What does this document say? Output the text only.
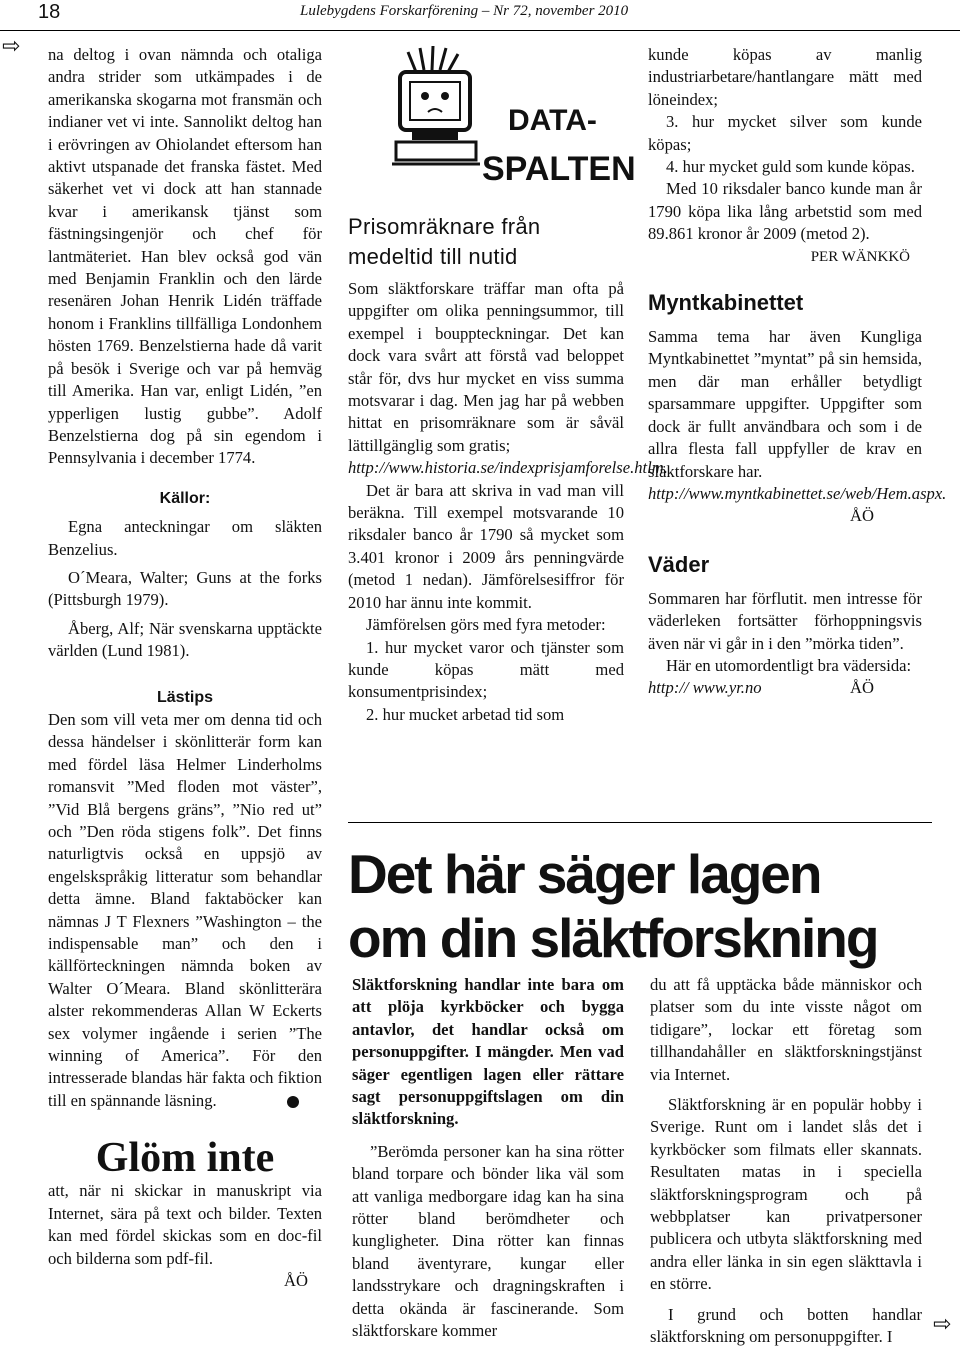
18	Lulebygdens Forskarförening – Nr 72, november 2010
⇨
⇨

na deltog i ovan nämnda och otaliga andra strider som utkämpades i de amerikanska skogarna mot fransmän och indianer vet vi inte. Sannolikt deltog han i erövringen av Ohiolandet eftersom han aktivt utspanade det franska fästet. Med säkerhet vet vi dock att han stannade kvar i amerikansk tjänst som fästningsingenjör och chef för lantmäteriet. Han blev också god vän med Benjamin Franklin och den lärde resenären Johan Henrik Lidén träffade honom i Franklins tillfälliga Londonhem hösten 1769. Benzelstierna hade då varit på besök i Sverige och var på hemväg till Amerika. Han var, enligt Lidén, ”en ypperligen lustig gubbe”. Adolf Benzelstierna dog på sin egendom i Pennsylvania i december 1774.

Källor:

Egna anteckningar om släkten Benzelius.

O´Meara, Walter; Guns at the forks (Pittsburgh 1979).

Åberg, Alf; När svenskarna upptäckte världen (Lund 1981).

Lästips

Den som vill veta mer om denna tid och dessa händelser i skönlitterär form kan med fördel läsa Helmer Linderholms romansvit ”Med floden mot väster”, ”Vid Blå bergens gräns”, ”Nio red ut” och ”Den röda stigens folk”. Det finns naturligtvis också en uppsjö av engelskspråkig litteratur som behandlar detta ämne. Bland faktaböcker kan nämnas J T Flexners ”Washington – the indispensable man” och den i källförteckningen nämnda boken av Walter O´Meara. Bland skönlitterära alster rekommenderas Allan W Eckerts sex volymer ingående i serien ”The winning of America”. För den intresserade blandas här fakta och fiktion till en spännande läsning.

Glöm inte

att, när ni skickar in manuskript via Internet, sära på text och bilder. Texten kan med fördel skickas som en doc-fil och bilderna som pdf-fil.

ÅÖ
DATA-
SPALTEN
Prisomräknare från medeltid till nutid

Som släktforskare träffar man ofta på uppgifter om olika penningsummor, till exempel i bouppteckningar. Det kan dock vara svårt att förstå vad beloppet står för, dvs hur mycket en viss summa motsvarar i dag. Men jag har på webben hittat en prisomräknare som är såväl lättillgänglig som gratis;

http://www.historia.se/indexprisjamforelse.htlm.

Det är bara att skriva in vad man vill beräkna. Till exempel motsvarande 10 riksdaler banco år 1790 så mycket som 3.401 kronor i 2009 års penningvärde (metod 1 nedan). Jämförelsesiffror för 2010 har ännu inte kommit.

Jämförelsen görs med fyra metoder:

1. hur mycket varor och tjänster som kunde köpas mätt med konsumentprisindex;

2. hur mucket arbetad tid som

kunde köpas av manlig industriarbetare/hantlangare mätt med löneindex;

3. hur mycket silver som kunde köpas;

4. hur mycket guld som kunde köpas.

Med 10 riksdaler banco kunde man år 1790 köpa lika lång arbetstid som med 89.861 kronor år 2009 (metod 2).

PER WÄNKKÖ
Myntkabinettet

Samma tema har även Kungliga Myntkabinettet ”myntat” på sin hemsida, men där man erhåller betydligt sparsammare uppgifter. Uppgifter som dock är fullt användbara och som i de allra flesta fall uppfyller de krav en släktforskare har.

http://www.myntkabinettet.se/web/Hem.aspx.

ÅÖ
Väder

Sommaren har förflutit. men intresse för väderleken fortsätter förhoppningsvis även när vi går in i den ”mörka tiden”.

Här en utomordentligt bra vädersida:

http:// www.yr.no	ÅÖ
Det här säger lagen
om din släktforskning

Släktforskning handlar inte bara om att plöja kyrkböcker och bygga antavlor, det handlar också om personuppgifter. I mängder. Men vad säger egentligen lagen eller rättare sagt personuppgiftslagen om din släktforskning.

”Berömda personer kan ha sina rötter bland torpare och bönder lika väl som att vanliga medborgare idag kan ha sina rötter bland berömdheter och kungligheter. Dina rötter kan finnas bland äventyrare, kungar eller landsstrykare och dragningskraften i detta okända är fascinerande. Som släktforskare kommer

du att få upptäcka både människor och platser som du inte visste något om tidigare”, lockar ett företag som tillhandahåller en släktforskningstjänst via Internet.

Släktforskning är en populär hobby i Sverige. Runt om i landet slås det i kyrkböcker som filmats eller skannats. Resultaten matas in i speciella släktforskningsprogram och på webbplatser kan privatpersoner publicera och utbyta släktforskning med andra eller länka in sin egen släkttavla i en större.

I grund och botten handlar släktforskning om personuppgifter. I
